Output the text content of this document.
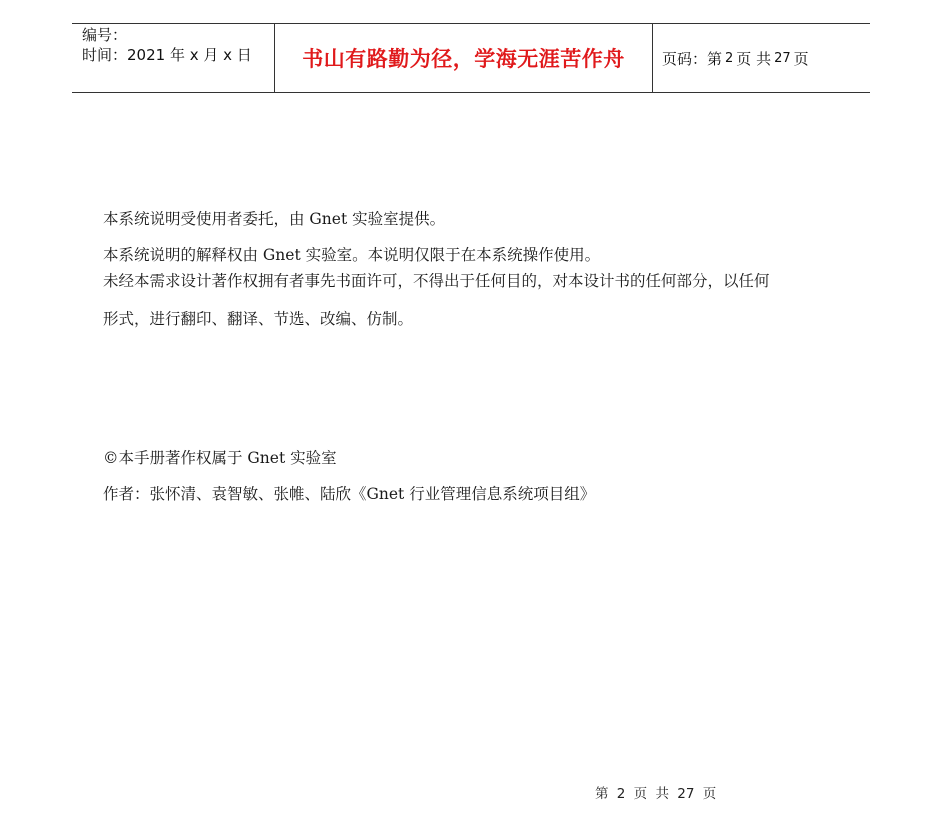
编号：
时间：2021 年 x 月 x 日	书山有路勤为径，学海无涯苦作舟 页码：第 2 页 共 27 页
本系统说明受使用者委托，由 Gnet 实验室提供。
本系统说明的解释权由 Gnet 实验室。本说明仅限于在本系统操作使用。
未经本需求设计著作权拥有者事先书面许可，不得出于任何目的，对本设计书的任何部分，以任何
形式，进行翻印、翻译、节选、改编、仿制。
©本手册著作权属于 Gnet 实验室
作者：张怀清、袁智敏、张帷、陆欣《Gnet 行业管理信息系统项目组》
第 2 页 共 27 页
